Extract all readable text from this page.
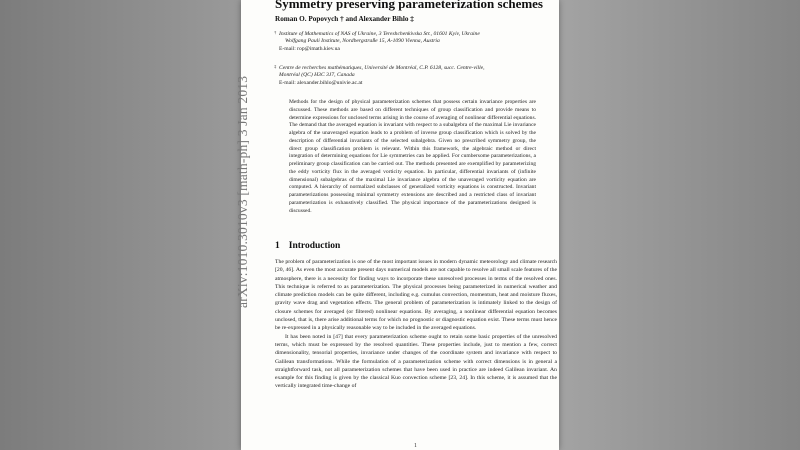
Symmetry preserving parameterization schemes
Roman O. Popovych † and Alexander Bihlo ‡
† Institute of Mathematics of NAS of Ukraine, 3 Tereshchenkivska Str., 01601 Kyiv, Ukraine
Wolfgang Pauli Institute, Nordbergstraße 15, A-1090 Vienna, Austria
E-mail: rop@imath.kiev.ua
‡ Centre de recherches mathématiques, Université de Montréal, C.P. 6128, succ. Centre-ville,
Montréal (QC) H3C 3J7, Canada
E-mail: alexander.bihlo@univie.ac.at

Methods for the design of physical parameterization schemes that possess certain invariance properties are discussed. These methods are based on different techniques of group classification and provide means to determine expressions for unclosed terms arising in the course of averaging of nonlinear differential equations. The demand that the averaged equation is invariant with respect to a subalgebra of the maximal Lie invariance algebra of the unaveraged equation leads to a problem of inverse group classification which is solved by the description of differential invariants of the selected subalgebra. Given no prescribed symmetry group, the direct group classification problem is relevant. Within this framework, the algebraic method or direct integration of determining equations for Lie symmetries can be applied. For cumbersome parameterizations, a preliminary group classification can be carried out. The methods presented are exemplified by parameterizing the eddy vorticity flux in the averaged vorticity equation. In particular, differential invariants of (infinite dimensional) subalgebras of the maximal Lie invariance algebra of the unaveraged vorticity equation are computed. A hierarchy of normalized subclasses of generalized vorticity equations is constructed. Invariant parameterizations possessing minimal symmetry extensions are described and a restricted class of invariant parameterization is exhaustively classified. The physical importance of the parameterizations designed is discussed.

1 Introduction

The problem of parameterization is one of the most important issues in modern dynamic meteorology and climate research [20, 46]. As even the most accurate present days numerical models are not capable to resolve all small scale features of the atmosphere, there is a necessity for finding ways to incorporate these unresolved processes in terms of the resolved ones. This technique is referred to as parameterization. The physical processes being parameterized in numerical weather and climate prediction models can be quite different, including e.g. cumulus convection, momentum, heat and moisture fluxes, gravity wave drag and vegetation effects. The general problem of parameterization is intimately linked to the design of closure schemes for averaged (or filtered) nonlinear equations. By averaging, a nonlinear differential equation becomes unclosed, that is, there arise additional terms for which no prognostic or diagnostic equation exist. These terms must hence be re-expressed in a physically reasonable way to be included in the averaged equations.

It has been noted in [47] that every parameterization scheme ought to retain some basic properties of the unresolved terms, which must be expressed by the resolved quantities. These properties include, just to mention a few, correct dimensionality, tensorial properties, invariance under changes of the coordinate system and invariance with respect to Galilean transformations. While the formulation of a parameterization scheme with correct dimensions is in general a straightforward task, not all parameterization schemes that have been used in practice are indeed Galilean invariant. An example for this finding is given by the classical Kuo convection scheme [23, 24]. In this scheme, it is assumed that the vertically integrated time-change of

1
arXiv:1010.3010v3 [math-ph] 3 Jan 2013
